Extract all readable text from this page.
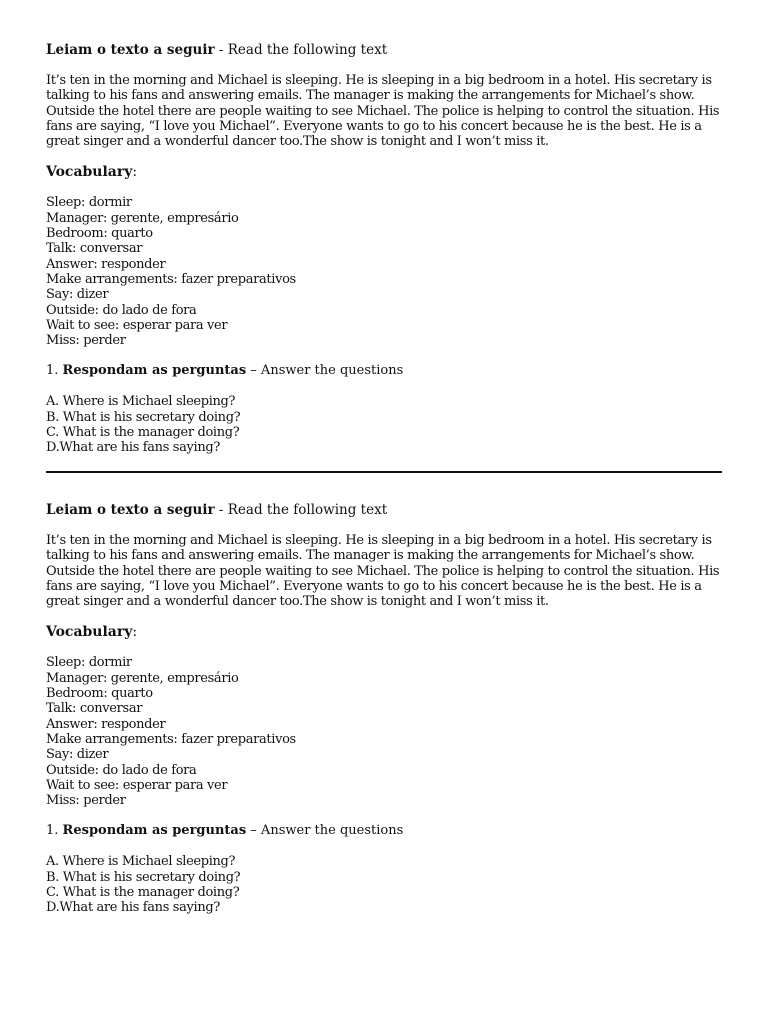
Leiam o texto a seguir - Read the following text
It’s ten in the morning and Michael is sleeping. He is sleeping in a big bedroom in a hotel. His secretary is
talking to his fans and answering emails. The manager is making the arrangements for Michael’s show.
Outside the hotel there are people waiting to see Michael. The police is helping to control the situation. His
fans are saying, “I love you Michael”. Everyone wants to go to his concert because he is the best. He is a
great singer and a wonderful dancer too.The show is tonight and I won’t miss it.
Vocabulary:
Sleep: dormir
Manager: gerente, empresário
Bedroom: quarto
Talk: conversar
Answer: responder
Make arrangements: fazer preparativos
Say: dizer
Outside: do lado de fora
Wait to see: esperar para ver
Miss: perder
1. Respondam as perguntas – Answer the questions
A. Where is Michael sleeping?
B. What is his secretary doing?
C. What is the manager doing?
D.What are his fans saying?
Leiam o texto a seguir - Read the following text
It’s ten in the morning and Michael is sleeping. He is sleeping in a big bedroom in a hotel. His secretary is
talking to his fans and answering emails. The manager is making the arrangements for Michael’s show.
Outside the hotel there are people waiting to see Michael. The police is helping to control the situation. His
fans are saying, “I love you Michael”. Everyone wants to go to his concert because he is the best. He is a
great singer and a wonderful dancer too.The show is tonight and I won’t miss it.
Vocabulary:
Sleep: dormir
Manager: gerente, empresário
Bedroom: quarto
Talk: conversar
Answer: responder
Make arrangements: fazer preparativos
Say: dizer
Outside: do lado de fora
Wait to see: esperar para ver
Miss: perder
1. Respondam as perguntas – Answer the questions
A. Where is Michael sleeping?
B. What is his secretary doing?
C. What is the manager doing?
D.What are his fans saying?
